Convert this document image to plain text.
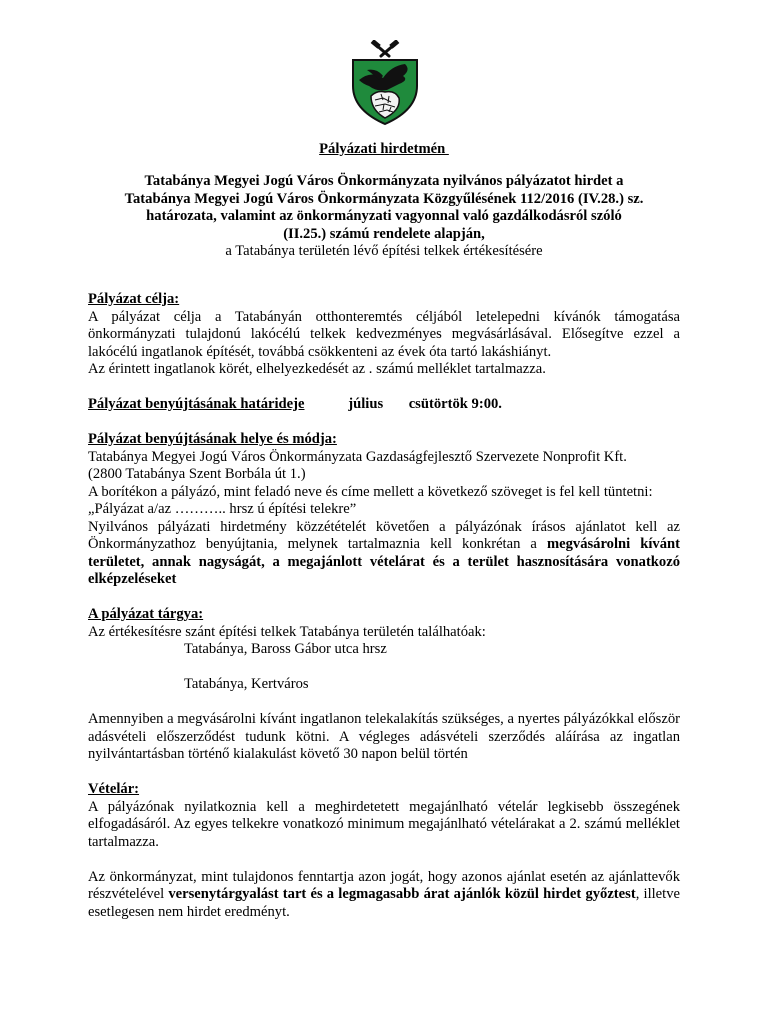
Pályázati hirdetmén
Tatabánya Megyei Jogú Város Önkormányzata nyilvános pályázatot hirdet a
Tatabánya Megyei Jogú Város Önkormányzata Közgyűlésének 112/2016 (IV.28.) sz.
határozata, valamint az önkormányzati vagyonnal való gazdálkodásról szóló
(II.25.) számú rendelete alapján,
a Tatabánya területén lévő építési telkek értékesítésére
Pályázat célja:

A pályázat célja a Tatabányán otthonteremtés céljából letelepedni kívánók támogatása önkormányzati tulajdonú lakócélú telkek kedvezményes megvásárlásával. Elősegítve ezzel a lakócélú ingatlanok építését, továbbá csökkenteni az évek óta tartó lakáshiányt.

Az érintett ingatlanok körét, elhelyezkedését az . számú melléklet tartalmazza.

Pályázat benyújtásának határideje	július csütörtök 9:00.
Pályázat benyújtásának helye és módja:

Tatabánya Megyei Jogú Város Önkormányzata Gazdaságfejlesztő Szervezete Nonprofit Kft.

(2800 Tatabánya Szent Borbála út 1.)

A borítékon a pályázó, mint feladó neve és címe mellett a következő szöveget is fel kell tüntetni:

„Pályázat a/az ……….. hrsz ú építési telekre”

Nyilvános pályázati hirdetmény közzétételét követően a pályázónak írásos ajánlatot kell az Önkormányzathoz benyújtania, melynek tartalmaznia kell konkrétan a megvásárolni kívánt területet, annak nagyságát, a megajánlott vételárat és a terület hasznosítására vonatkozó elképzeléseket

A pályázat tárgya:

Az értékesítésre szánt építési telkek Tatabánya területén találhatóak:

Tatabánya, Baross Gábor utca hrsz

Tatabánya, Kertváros

Amennyiben a megvásárolni kívánt ingatlanon telekalakítás szükséges, a nyertes pályázókkal először adásvételi előszerződést tudunk kötni. A végleges adásvételi szerződés aláírása az ingatlan nyilvántartásban történő kialakulást követő 30 napon belül történ

Vételár:

A pályázónak nyilatkoznia kell a meghirdetetett megajánlható vételár legkisebb összegének elfogadásáról. Az egyes telkekre vonatkozó minimum megajánlható vételárakat a 2. számú melléklet tartalmazza.

Az önkormányzat, mint tulajdonos fenntartja azon jogát, hogy azonos ajánlat esetén az ajánlattevők részvételével versenytárgyalást tart és a legmagasabb árat ajánlók közül hirdet győztest, illetve esetlegesen nem hirdet eredményt.
